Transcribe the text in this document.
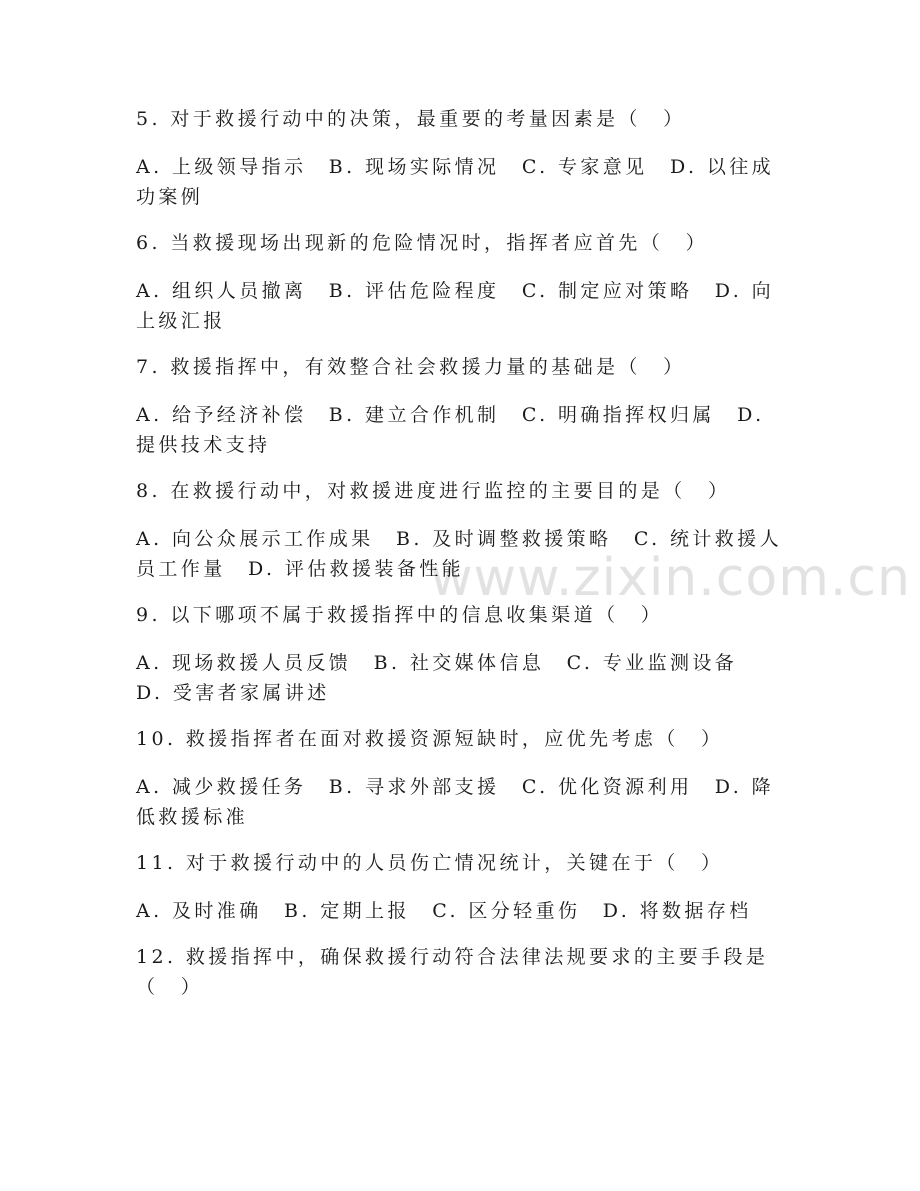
www.zixin.com.cn
5. 对于救援行动中的决策，最重要的考量因素是（　）
A. 上级领导指示　B. 现场实际情况　C. 专家意见　D. 以往成功案例
6. 当救援现场出现新的危险情况时，指挥者应首先（　）
A. 组织人员撤离　B. 评估危险程度　C. 制定应对策略　D. 向上级汇报
7. 救援指挥中，有效整合社会救援力量的基础是（　）
A. 给予经济补偿　B. 建立合作机制　C. 明确指挥权归属　D. 提供技术支持
8. 在救援行动中，对救援进度进行监控的主要目的是（　）
A. 向公众展示工作成果　B. 及时调整救援策略　C. 统计救援人员工作量　D. 评估救援装备性能
9. 以下哪项不属于救援指挥中的信息收集渠道（　）
A. 现场救援人员反馈　B. 社交媒体信息　C. 专业监测设备　D. 受害者家属讲述
10. 救援指挥者在面对救援资源短缺时，应优先考虑（　）
A. 减少救援任务　B. 寻求外部支援　C. 优化资源利用　D. 降低救援标准
11. 对于救援行动中的人员伤亡情况统计，关键在于（　）
A. 及时准确　B. 定期上报　C. 区分轻重伤　D. 将数据存档
12. 救援指挥中，确保救援行动符合法律法规要求的主要手段是（　）
